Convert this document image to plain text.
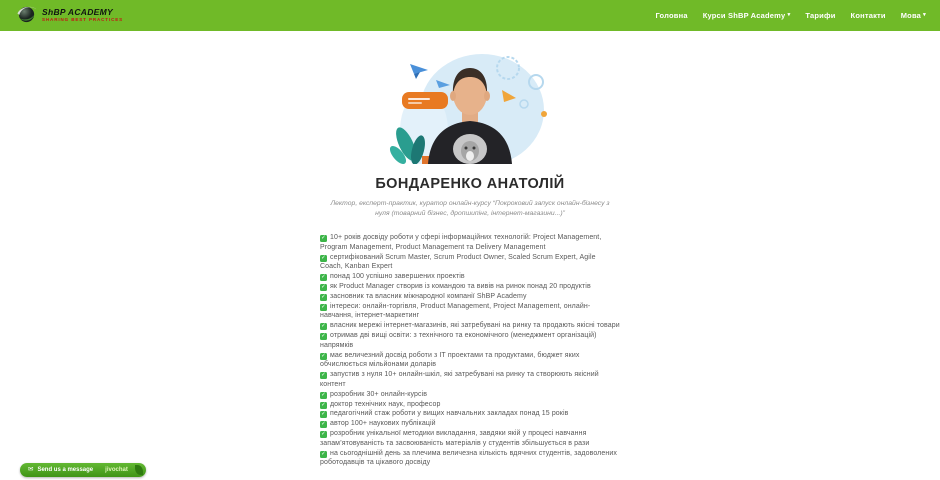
ShBP ACADEMY
SHARING BEST PRACTICES	Головна Курси ShBP Academy ▾ Тарифи Контакти Мова ▾
БОНДАРЕНКО АНАТОЛІЙ
Лектор, експерт-практик, куратор онлайн-курсу “Покроковий запуск онлайн-бізнесу з нуля (товарний бізнес, дропшипінг, інтернет-магазини...)”

✓ 10+ років досвіду роботи у сфері інформаційних технологій: Project Management, Program Management, Product Management та Delivery Management

✓ сертифікований Scrum Master, Scrum Product Owner, Scaled Scrum Expert, Agile Coach, Kanban Expert

✓ понад 100 успішно завершених проектів

✓ як Product Manager створив із командою та вивів на ринок понад 20 продуктів

✓ засновник та власник міжнародної компанії ShBP Academy

✓ інтереси: онлайн-торгівля, Product Management, Project Management, онлайн-навчання, інтернет-маркетинг

✓ власник мережі інтернет-магазинів, які затребувані на ринку та продають якісні товари

✓ отримав дві вищі освіти: з технічного та економічного (менеджмент організацій) напрямків

✓ має величезний досвід роботи з ІТ проектами та продуктами, бюджет яких обчислюється мільйонами доларів

✓ запустив з нуля 10+ онлайн-шкіл, які затребувані на ринку та створюють якісний контент

✓ розробник 30+ онлайн-курсів

✓ доктор технічних наук, професор

✓ педагогічний стаж роботи у вищих навчальних закладах понад 15 років

✓ автор 100+ наукових публікацій

✓ розробник унікальної методики викладання, завдяки якій у процесі навчання запам’ятовуваність та засвоюваність матеріалів у студентів збільшується в рази

✓ на сьогоднішній день за плечима величезна кількість вдячних студентів, задоволених роботодавців та цікавого досвіду

✉ Send us a message jivochat
